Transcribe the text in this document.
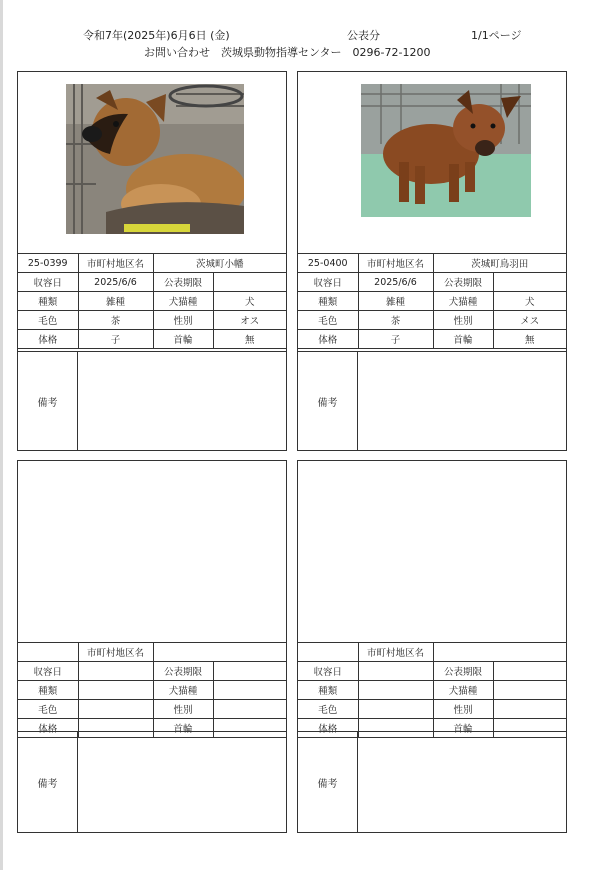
令和7年(2025年)6月6日 (金)	公表分	1/1ページ
お問い合わせ　茨城県動物指導センター　0296-72-1200
25-0399	市町村地区名	茨城町小幡	
収容日	2025/6/6	公表期限	
種類	雑種	犬猫種	犬
毛色	茶	性別	オス
体格	子	首輪	無
備考
25-0400	市町村地区名	茨城町鳥羽田	
収容日	2025/6/6	公表期限	
種類	雑種	犬猫種	犬
毛色	茶	性別	メス
体格	子	首輪	無
備考
	市町村地区名		
収容日		公表期限	
種類		犬猫種	
毛色		性別	
体格		首輪	
備考
	市町村地区名		
収容日		公表期限	
種類		犬猫種	
毛色		性別	
体格		首輪	
備考
